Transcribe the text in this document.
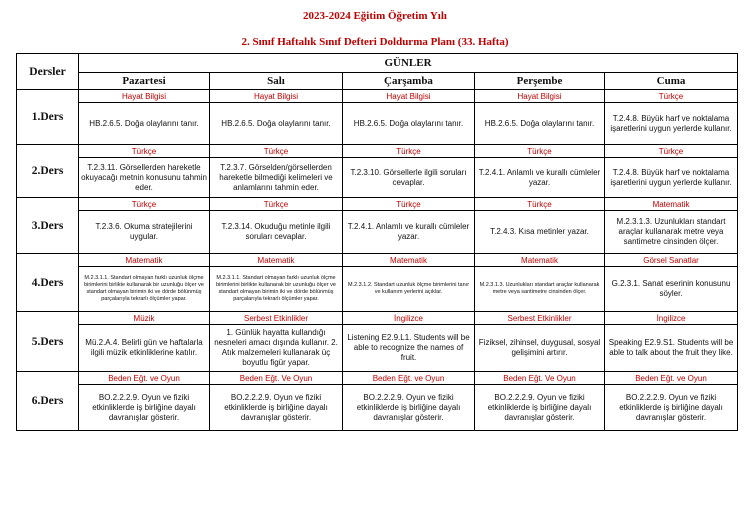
2023-2024 Eğitim Öğretim Yılı
2. Sınıf Haftalık Sınıf Defteri Doldurma Planı (33. Hafta)
Dersler	GÜNLER				
	Pazartesi	Salı	Çarşamba	Perşembe	Cuma
1.Ders	Hayat Bilgisi	Hayat Bilgisi	Hayat Bilgisi	Hayat Bilgisi	Türkçe
	HB.2.6.5. Doğa olaylarını tanır.	HB.2.6.5. Doğa olaylarını tanır.	HB.2.6.5. Doğa olaylarını tanır.	HB.2.6.5. Doğa olaylarını tanır.	T.2.4.8. Büyük harf ve noktalama işaretlerini uygun yerlerde kullanır.
2.Ders	Türkçe	Türkçe	Türkçe	Türkçe	Türkçe
	T.2.3.11. Görsellerden hareketle okuyacağı metnin konusunu tahmin eder.	T.2.3.7. Görselden/görsellerden hareketle bilmediği kelimeleri ve anlamlarını tahmin eder.	T.2.3.10. Görsellerle ilgili soruları cevaplar.	T.2.4.1. Anlamlı ve kurallı cümleler yazar.	T.2.4.8. Büyük harf ve noktalama işaretlerini uygun yerlerde kullanır.
3.Ders	Türkçe	Türkçe	Türkçe	Türkçe	Matematik
	T.2.3.6. Okuma stratejilerini uygular.	T.2.3.14. Okuduğu metinle ilgili soruları cevaplar.	T.2.4.1. Anlamlı ve kurallı cümleler yazar.	T.2.4.3. Kısa metinler yazar.	M.2.3.1.3. Uzunlukları standart araçlar kullanarak metre veya santimetre cinsinden ölçer.
4.Ders	Matematik	Matematik	Matematik	Matematik	Görsel Sanatlar
	M.2.3.1.1. Standart olmayan farklı uzunluk ölçme birimlerini birlikte kullanarak bir uzunluğu ölçer ve standart olmayan birimin iki ve dörde bölünmüş parçalarıyla tekrarlı ölçümler yapar.	M.2.3.1.1. Standart olmayan farklı uzunluk ölçme birimlerini birlikte kullanarak bir uzunluğu ölçer ve standart olmayan birimin iki ve dörde bölünmüş parçalarıyla tekrarlı ölçümler yapar.	M.2.3.1.2. Standart uzunluk ölçme birimlerini tanır ve kullanım yerlerini açıklar.	M.2.3.1.3. Uzunlukları standart araçlar kullanarak metre veya santimetre cinsinden ölçer.	G.2.3.1. Sanat eserinin konusunu söyler.
5.Ders	Müzik	Serbest Etkinlikler	İngilizce	Serbest Etkinlikler	İngilizce
	Mü.2.A.4. Belirli gün ve haftalarla ilgili müzik etkinliklerine katılır.	1. Günlük hayatta kullandığı nesneleri amacı dışında kullanır. 2. Atık malzemeleri kullanarak üç boyutlu figür yapar.	Listening E2.9.L1. Students will be able to recognize the names of fruit.	Fiziksel, zihinsel, duygusal, sosyal gelişimini artırır.	Speaking E2.9.S1. Students will be able to talk about the fruit they like.
6.Ders	Beden Eğt. ve Oyun	Beden Eğt. Ve Oyun	Beden Eğt. ve Oyun	Beden Eğt. Ve Oyun	Beden Eğt. ve Oyun
	BO.2.2.2.9. Oyun ve fiziki etkinliklerde iş birliğine dayalı davranışlar gösterir.	BO.2.2.2.9. Oyun ve fiziki etkinliklerde iş birliğine dayalı davranışlar gösterir.	BO.2.2.2.9. Oyun ve fiziki etkinliklerde iş birliğine dayalı davranışlar gösterir.	BO.2.2.2.9. Oyun ve fiziki etkinliklerde iş birliğine dayalı davranışlar gösterir.	BO.2.2.2.9. Oyun ve fiziki etkinliklerde iş birliğine dayalı davranışlar gösterir.
